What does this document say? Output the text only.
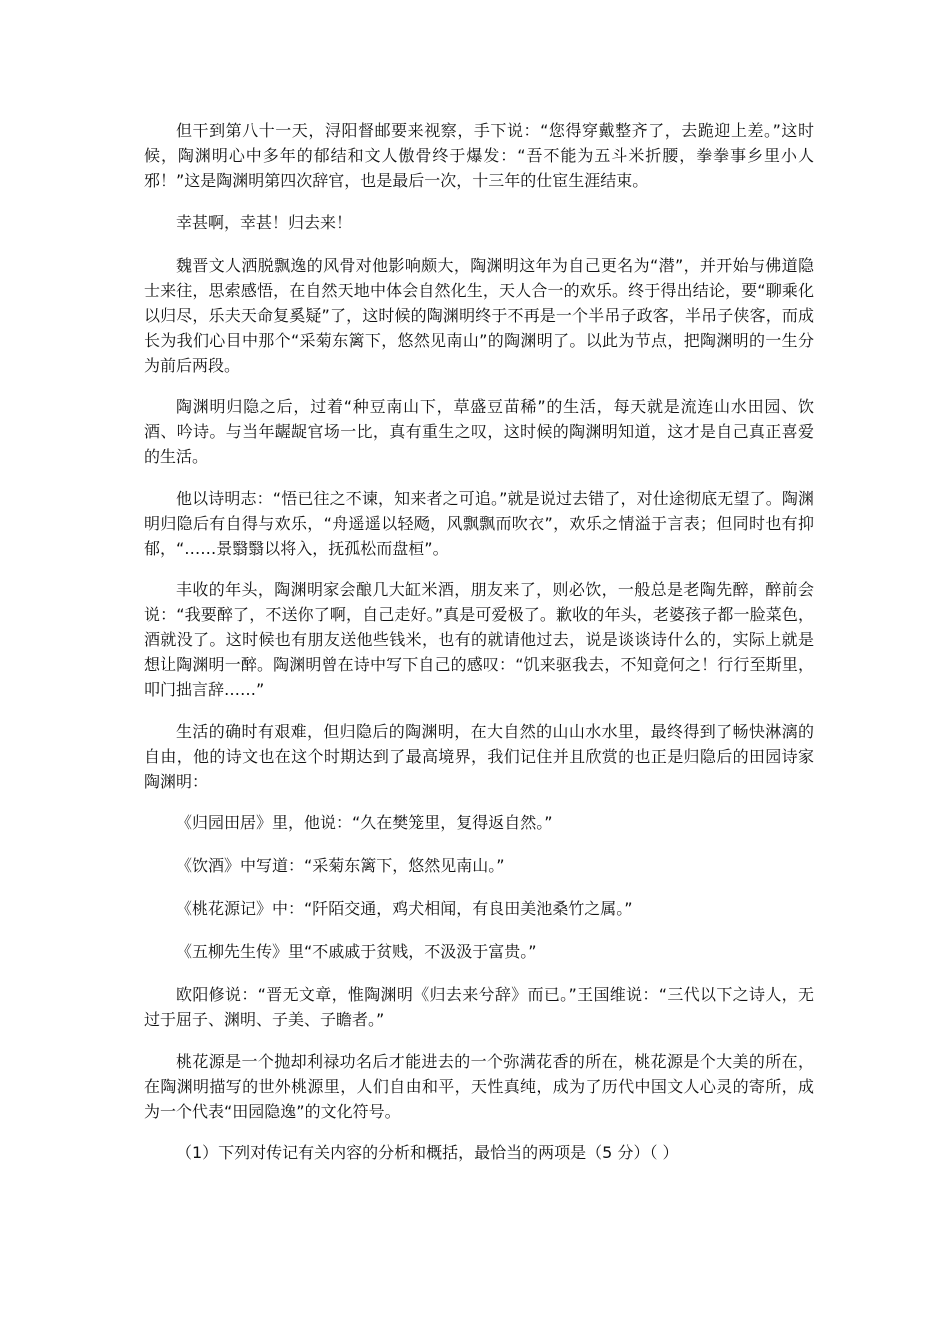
但干到第八十一天，浔阳督邮要来视察，手下说：“您得穿戴整齐了，去跪迎上差。”这时候，陶渊明心中多年的郁结和文人傲骨终于爆发：“吾不能为五斗米折腰，拳拳事乡里小人邪！”这是陶渊明第四次辞官，也是最后一次，十三年的仕宦生涯结束。

幸甚啊，幸甚！归去来！

魏晋文人洒脱飘逸的风骨对他影响颇大，陶渊明这年为自己更名为“潜”，并开始与佛道隐士来往，思索感悟，在自然天地中体会自然化生，天人合一的欢乐。终于得出结论，要“聊乘化以归尽，乐夫天命复奚疑”了，这时候的陶渊明终于不再是一个半吊子政客，半吊子侠客，而成长为我们心目中那个“采菊东篱下，悠然见南山”的陶渊明了。以此为节点，把陶渊明的一生分为前后两段。

陶渊明归隐之后，过着“种豆南山下，草盛豆苗稀”的生活，每天就是流连山水田园、饮酒、吟诗。与当年龌龊官场一比，真有重生之叹，这时候的陶渊明知道，这才是自己真正喜爱的生活。

他以诗明志：“悟已往之不谏，知来者之可追。”就是说过去错了，对仕途彻底无望了。陶渊明归隐后有自得与欢乐，“舟遥遥以轻飏，风飘飘而吹衣”，欢乐之情溢于言表；但同时也有抑郁，“……景翳翳以将入，抚孤松而盘桓”。

丰收的年头，陶渊明家会酿几大缸米酒，朋友来了，则必饮，一般总是老陶先醉，醉前会说：“我要醉了，不送你了啊，自己走好。”真是可爱极了。歉收的年头，老婆孩子都一脸菜色，酒就没了。这时候也有朋友送他些钱米，也有的就请他过去，说是谈谈诗什么的，实际上就是想让陶渊明一醉。陶渊明曾在诗中写下自己的感叹：“饥来驱我去，不知竟何之！行行至斯里，叩门拙言辞……”

生活的确时有艰难，但归隐后的陶渊明，在大自然的山山水水里，最终得到了畅快淋漓的自由，他的诗文也在这个时期达到了最高境界，我们记住并且欣赏的也正是归隐后的田园诗家陶渊明：

《归园田居》里，他说：“久在樊笼里，复得返自然。”

《饮酒》中写道：“采菊东篱下，悠然见南山。”

《桃花源记》中：“阡陌交通，鸡犬相闻，有良田美池桑竹之属。”

《五柳先生传》里“不戚戚于贫贱，不汲汲于富贵。”

欧阳修说：“晋无文章，惟陶渊明《归去来兮辞》而已。”王国维说：“三代以下之诗人，无过于屈子、渊明、子美、子瞻者。”

桃花源是一个抛却利禄功名后才能进去的一个弥满花香的所在，桃花源是个大美的所在，在陶渊明描写的世外桃源里，人们自由和平，天性真纯，成为了历代中国文人心灵的寄所，成为一个代表“田园隐逸”的文化符号。

（1）下列对传记有关内容的分析和概括，最恰当的两项是（5 分）（ ）
